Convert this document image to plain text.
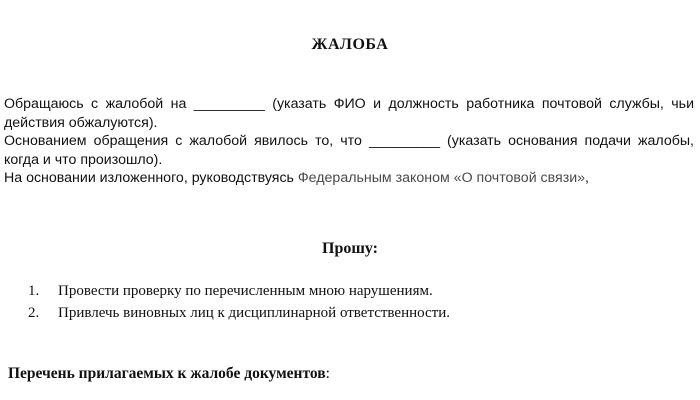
ЖАЛОБА

Обращаюсь с жалобой на _________ (указать ФИО и должность работника почтовой службы, чьи действия обжалуются).

Основанием обращения с жалобой явилось то, что _________ (указать основания подачи жалобы, когда и что произошло).

На основании изложенного, руководствуясь Федеральным законом «О почтовой связи»,

Прошу:
1.	Провести проверку по перечисленным мною нарушениям.
2.	Привлечь виновных лиц к дисциплинарной ответственности.
Перечень прилагаемых к жалобе документов:
